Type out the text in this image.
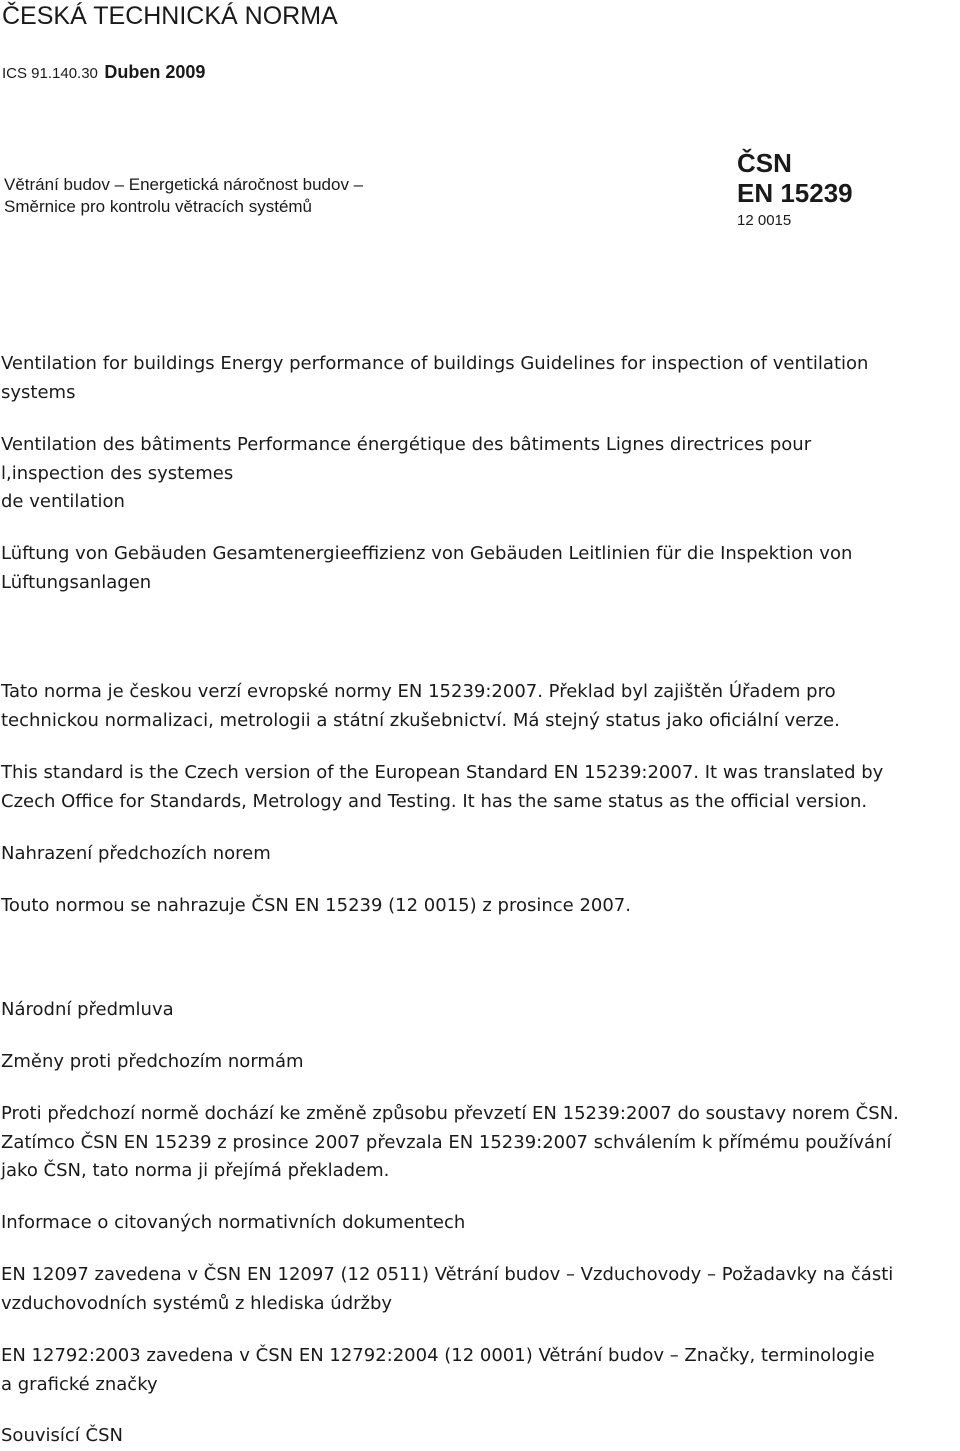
ČESKÁ TECHNICKÁ NORMA
ICS 91.140.30 Duben 2009
Větrání budov – Energetická náročnost budov –
Směrnice pro kontrolu větracích systémů
ČSN
EN 15239
12 0015
Ventilation for buildings Energy performance of buildings Guidelines for inspection of ventilation
systems
Ventilation des bâtiments Performance énergétique des bâtiments Lignes directrices pour
l,inspection des systemes
de ventilation
Lüftung von Gebäuden Gesamtenergieeffizienz von Gebäuden Leitlinien für die Inspektion von
Lüftungsanlagen
Tato norma je českou verzí evropské normy EN 15239:2007. Překlad byl zajištěn Úřadem pro
technickou normalizaci, metrologii a státní zkušebnictví. Má stejný status jako oficiální verze.
This standard is the Czech version of the European Standard EN 15239:2007. It was translated by
Czech Office for Standards, Metrology and Testing. It has the same status as the official version.
Nahrazení předchozích norem
Touto normou se nahrazuje ČSN EN 15239 (12 0015) z prosince 2007.
Národní předmluva
Změny proti předchozím normám
Proti předchozí normě dochází ke změně způsobu převzetí EN 15239:2007 do soustavy norem ČSN.
Zatímco ČSN EN 15239 z prosince 2007 převzala EN 15239:2007 schválením k přímému používání
jako ČSN, tato norma ji přejímá překladem.
Informace o citovaných normativních dokumentech
EN 12097 zavedena v ČSN EN 12097 (12 0511) Větrání budov – Vzduchovody – Požadavky na části
vzduchovodních systémů z hlediska údržby
EN 12792:2003 zavedena v ČSN EN 12792:2004 (12 0001) Větrání budov – Značky, terminologie
a grafické značky
Souvisící ČSN
